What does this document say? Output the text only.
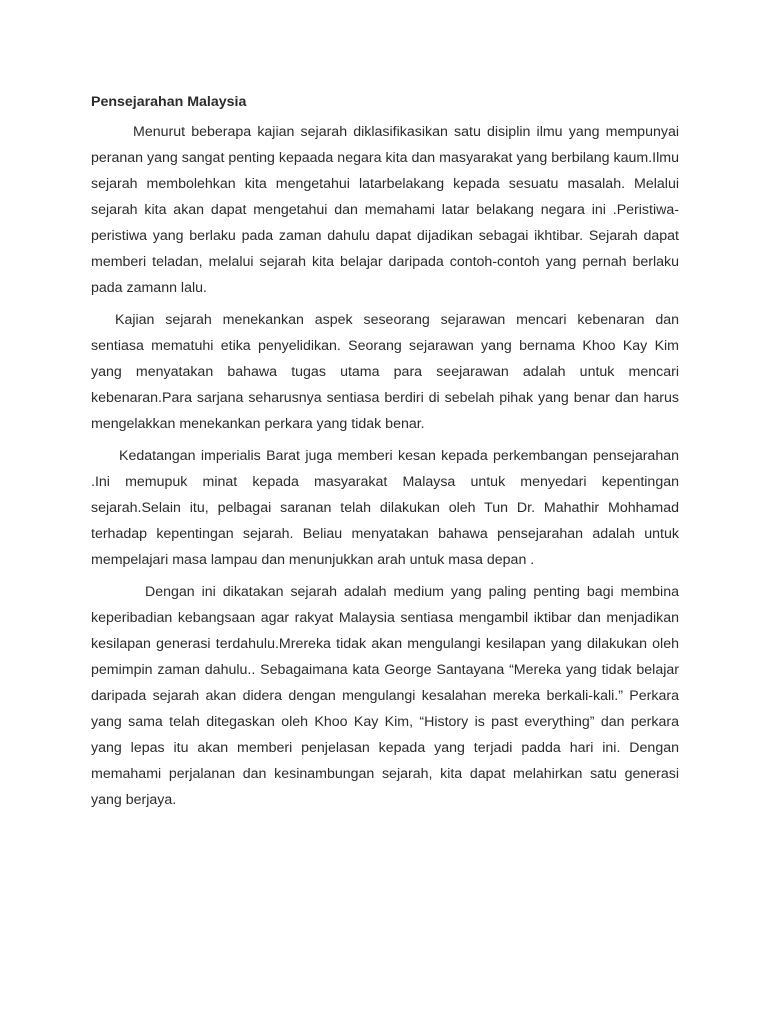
Pensejarahan Malaysia

Menurut beberapa kajian sejarah diklasifikasikan satu disiplin ilmu yang mempunyai peranan yang sangat penting kepaada negara kita dan masyarakat yang berbilang kaum.Ilmu sejarah membolehkan kita mengetahui latarbelakang kepada sesuatu masalah. Melalui sejarah kita akan dapat mengetahui dan memahami latar belakang negara ini .Peristiwa- peristiwa yang berlaku pada zaman dahulu dapat dijadikan sebagai ikhtibar. Sejarah dapat memberi teladan, melalui sejarah kita belajar daripada contoh-contoh yang pernah berlaku pada zamann lalu.

Kajian sejarah menekankan aspek seseorang sejarawan mencari kebenaran dan sentiasa mematuhi etika penyelidikan. Seorang sejarawan yang bernama Khoo Kay Kim yang menyatakan bahawa tugas utama para seejarawan adalah untuk mencari kebenaran.Para sarjana seharusnya sentiasa berdiri di sebelah pihak yang benar dan harus mengelakkan menekankan perkara yang tidak benar.

Kedatangan imperialis Barat juga memberi kesan kepada perkembangan pensejarahan .Ini memupuk minat kepada masyarakat Malaysa untuk menyedari kepentingan sejarah.Selain itu, pelbagai saranan telah dilakukan oleh Tun Dr. Mahathir Mohhamad terhadap kepentingan sejarah. Beliau menyatakan bahawa pensejarahan adalah untuk mempelajari masa lampau dan menunjukkan arah untuk masa depan .

Dengan ini dikatakan sejarah adalah medium yang paling penting bagi membina keperibadian kebangsaan agar rakyat Malaysia sentiasa mengambil iktibar dan menjadikan kesilapan generasi terdahulu.Mrereka tidak akan mengulangi kesilapan yang dilakukan oleh pemimpin zaman dahulu.. Sebagaimana kata George Santayana “Mereka yang tidak belajar daripada sejarah akan didera dengan mengulangi kesalahan mereka berkali-kali.” Perkara yang sama telah ditegaskan oleh Khoo Kay Kim, “History is past everything” dan perkara yang lepas itu akan memberi penjelasan kepada yang terjadi padda hari ini. Dengan memahami perjalanan dan kesinambungan sejarah, kita dapat melahirkan satu generasi yang berjaya.
